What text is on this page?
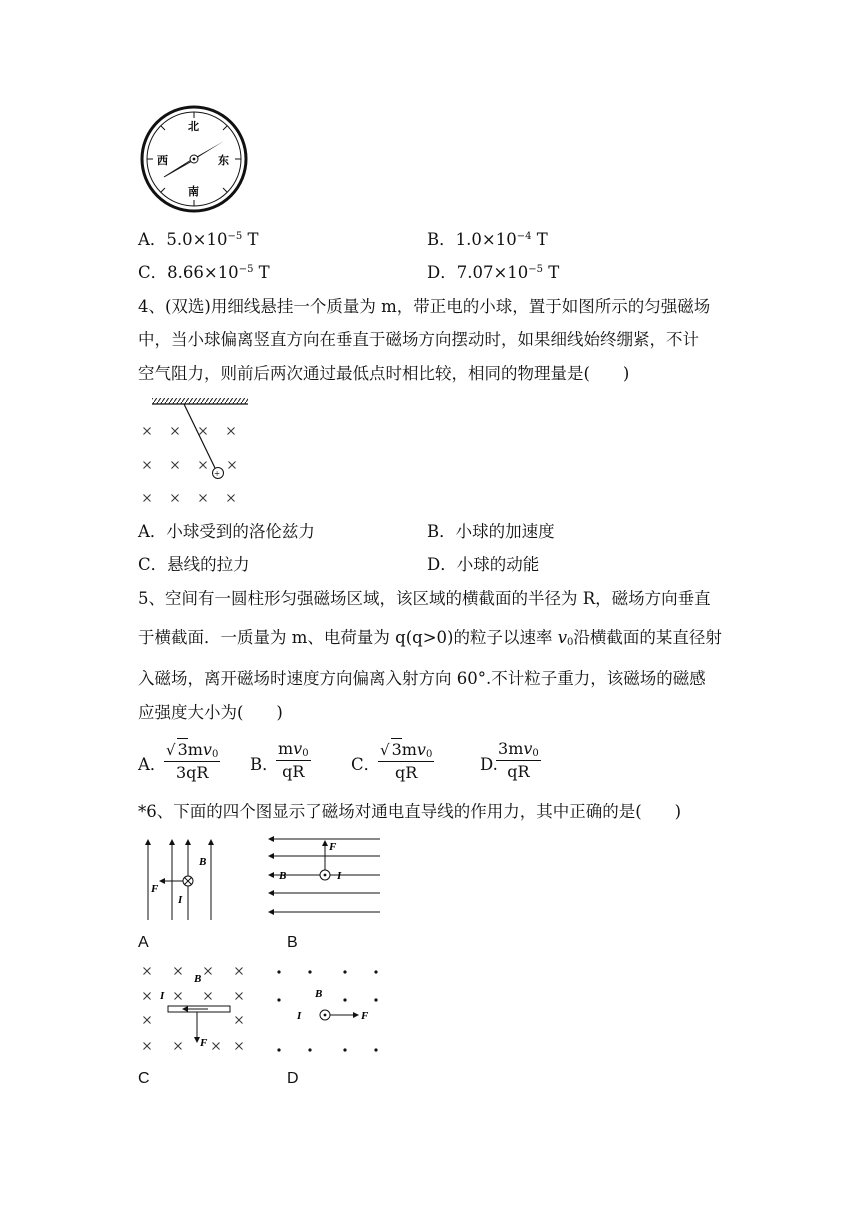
北
南
西	东
A．$5.0\times 10^{-5}$ T	B．$1.0\times 10^{-4}$ T
C．$8.66\times 10^{-5}$ T	D．$7.07\times 10^{-5}$ T
4、(双选)用细线悬挂一个质量为 m，带正电的小球，置于如图所示的匀强磁场
中，当小球偏离竖直方向在垂直于磁场方向摆动时，如果细线始终绷紧，不计
空气阻力，则前后两次通过最低点时相比较，相同的物理量是(　　)
+
A．小球受到的洛伦兹力	B．小球的加速度
C．悬线的拉力	D．小球的动能
5、空间有一圆柱形匀强磁场区域，该区域的横截面的半径为 R，磁场方向垂直
于横截面．一质量为 m、电荷量为 q(q>0)的粒子以速率 $v_0$沿横截面的某直径射
入磁场，离开磁场时速度方向偏离入射方向 60°.不计粒子重力，该磁场的磁感
应强度大小为(　　)
A．
$\frac{√ 3mv_0}{3qR}$ B．
$\frac{mv_0}{qR}$ C．
$\frac{√ 3mv_0}{qR}$	D.
$\frac{3mv_0}{qR}$
*6、下面的四个图显示了磁场对通电直导线的作用力，其中正确的是(　　)
B
F
I
A
F
B	I
B
B
I
F
C
B
I	F
D
